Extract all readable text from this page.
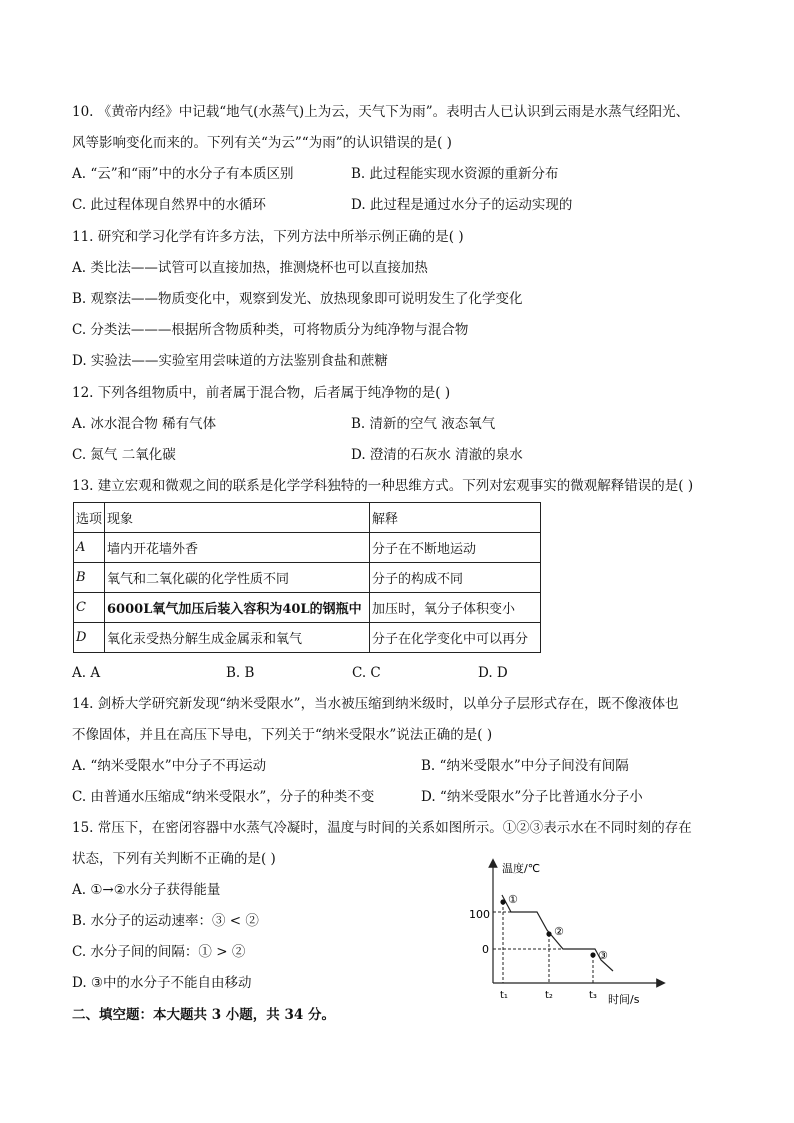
10. 《黄帝内经》中记载“地气(水蒸气)上为云，天气下为雨”。表明古人已认识到云雨是水蒸气经阳光、
风等影响变化而来的。下列有关“为云”“为雨”的认识错误的是( )
A. “云”和“雨”中的水分子有本质区别	B. 此过程能实现水资源的重新分布
C. 此过程体现自然界中的水循环	D. 此过程是通过水分子的运动实现的
11. 研究和学习化学有许多方法，下列方法中所举示例正确的是( )
A. 类比法——试管可以直接加热，推测烧杯也可以直接加热
B. 观察法——物质变化中，观察到发光、放热现象即可说明发生了化学变化
C. 分类法———根据所含物质种类，可将物质分为纯净物与混合物
D. 实验法——实验室用尝味道的方法鉴别食盐和蔗糖
12. 下列各组物质中，前者属于混合物，后者属于纯净物的是( )
A. 冰水混合物 稀有气体	B. 清新的空气 液态氧气
C. 氮气 二氧化碳	D. 澄清的石灰水 清澈的泉水
13. 建立宏观和微观之间的联系是化学学科独特的一种思维方式。下列对宏观事实的微观解释错误的是( )
选项	现象	解释
A	墙内开花墙外香	分子在不断地运动
B	氧气和二氧化碳的化学性质不同	分子的构成不同
C	6000L氧气加压后装入容积为40L的钢瓶中	加压时，氧分子体积变小
D	氧化汞受热分解生成金属汞和氧气	分子在化学变化中可以再分
A. A	B. B	C. C	D. D
14. 剑桥大学研究新发现“纳米受限水”，当水被压缩到纳米级时，以单分子层形式存在，既不像液体也
不像固体，并且在高压下导电，下列关于“纳米受限水”说法正确的是( )
A. “纳米受限水”中分子不再运动	B. “纳米受限水”中分子间没有间隔
C. 由普通水压缩成“纳米受限水”，分子的种类不变	D. “纳米受限水”分子比普通水分子小
15. 常压下，在密闭容器中水蒸气冷凝时，温度与时间的关系如图所示。①②③表示水在不同时刻的存在
状态，下列有关判断不正确的是( )
A. ①→②水分子获得能量
B. 水分子的运动速率：③ < ②
C. 水分子间的间隔：① > ②
D. ③中的水分子不能自由移动
温度/℃
时间/s
100
0
①
②
③
t₁	t₂	t₃
二、填空题：本大题共 3 小题，共 34 分。
